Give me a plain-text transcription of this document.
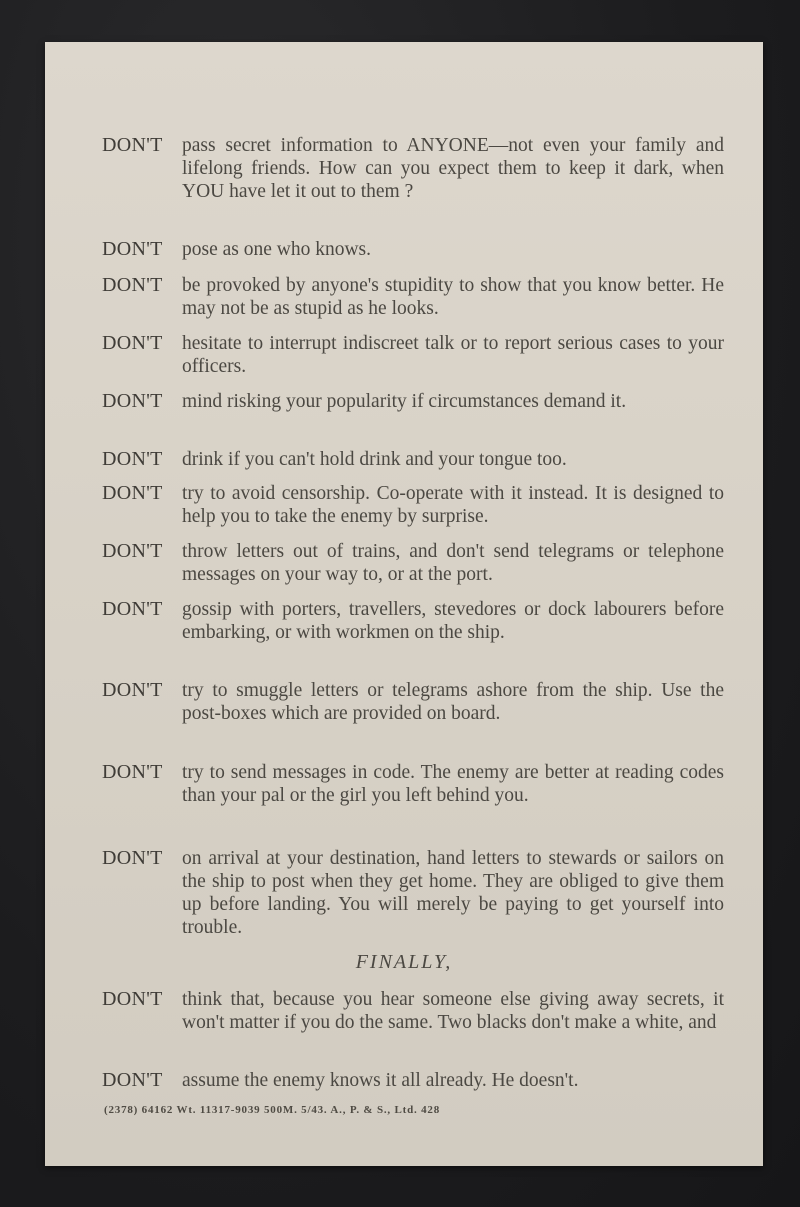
DON'T pass secret information to ANYONE—not even your family and lifelong friends. How can you expect them to keep it dark, when YOU have let it out to them ?
DON'T pose as one who knows.
DON'T be provoked by anyone's stupidity to show that you know better. He may not be as stupid as he looks.
DON'T hesitate to interrupt indiscreet talk or to report serious cases to your officers.
DON'T mind risking your popularity if circumstances demand it.
DON'T drink if you can't hold drink and your tongue too.
DON'T try to avoid censorship. Co-operate with it instead. It is designed to help you to take the enemy by surprise.
DON'T throw letters out of trains, and don't send telegrams or telephone messages on your way to, or at the port.
DON'T gossip with porters, travellers, stevedores or dock labourers before embarking, or with workmen on the ship.
DON'T try to smuggle letters or telegrams ashore from the ship. Use the post-boxes which are provided on board.
DON'T try to send messages in code. The enemy are better at reading codes than your pal or the girl you left behind you.
DON'T on arrival at your destination, hand letters to stewards or sailors on the ship to post when they get home. They are obliged to give them up before landing. You will merely be paying to get yourself into trouble.
FINALLY,
DON'T think that, because you hear someone else giving away secrets, it won't matter if you do the same. Two blacks don't make a white, and
DON'T assume the enemy knows it all already. He doesn't.
(2378) 64162 Wt. 11317-9039 500M. 5/43. A., P. & S., Ltd. 428
